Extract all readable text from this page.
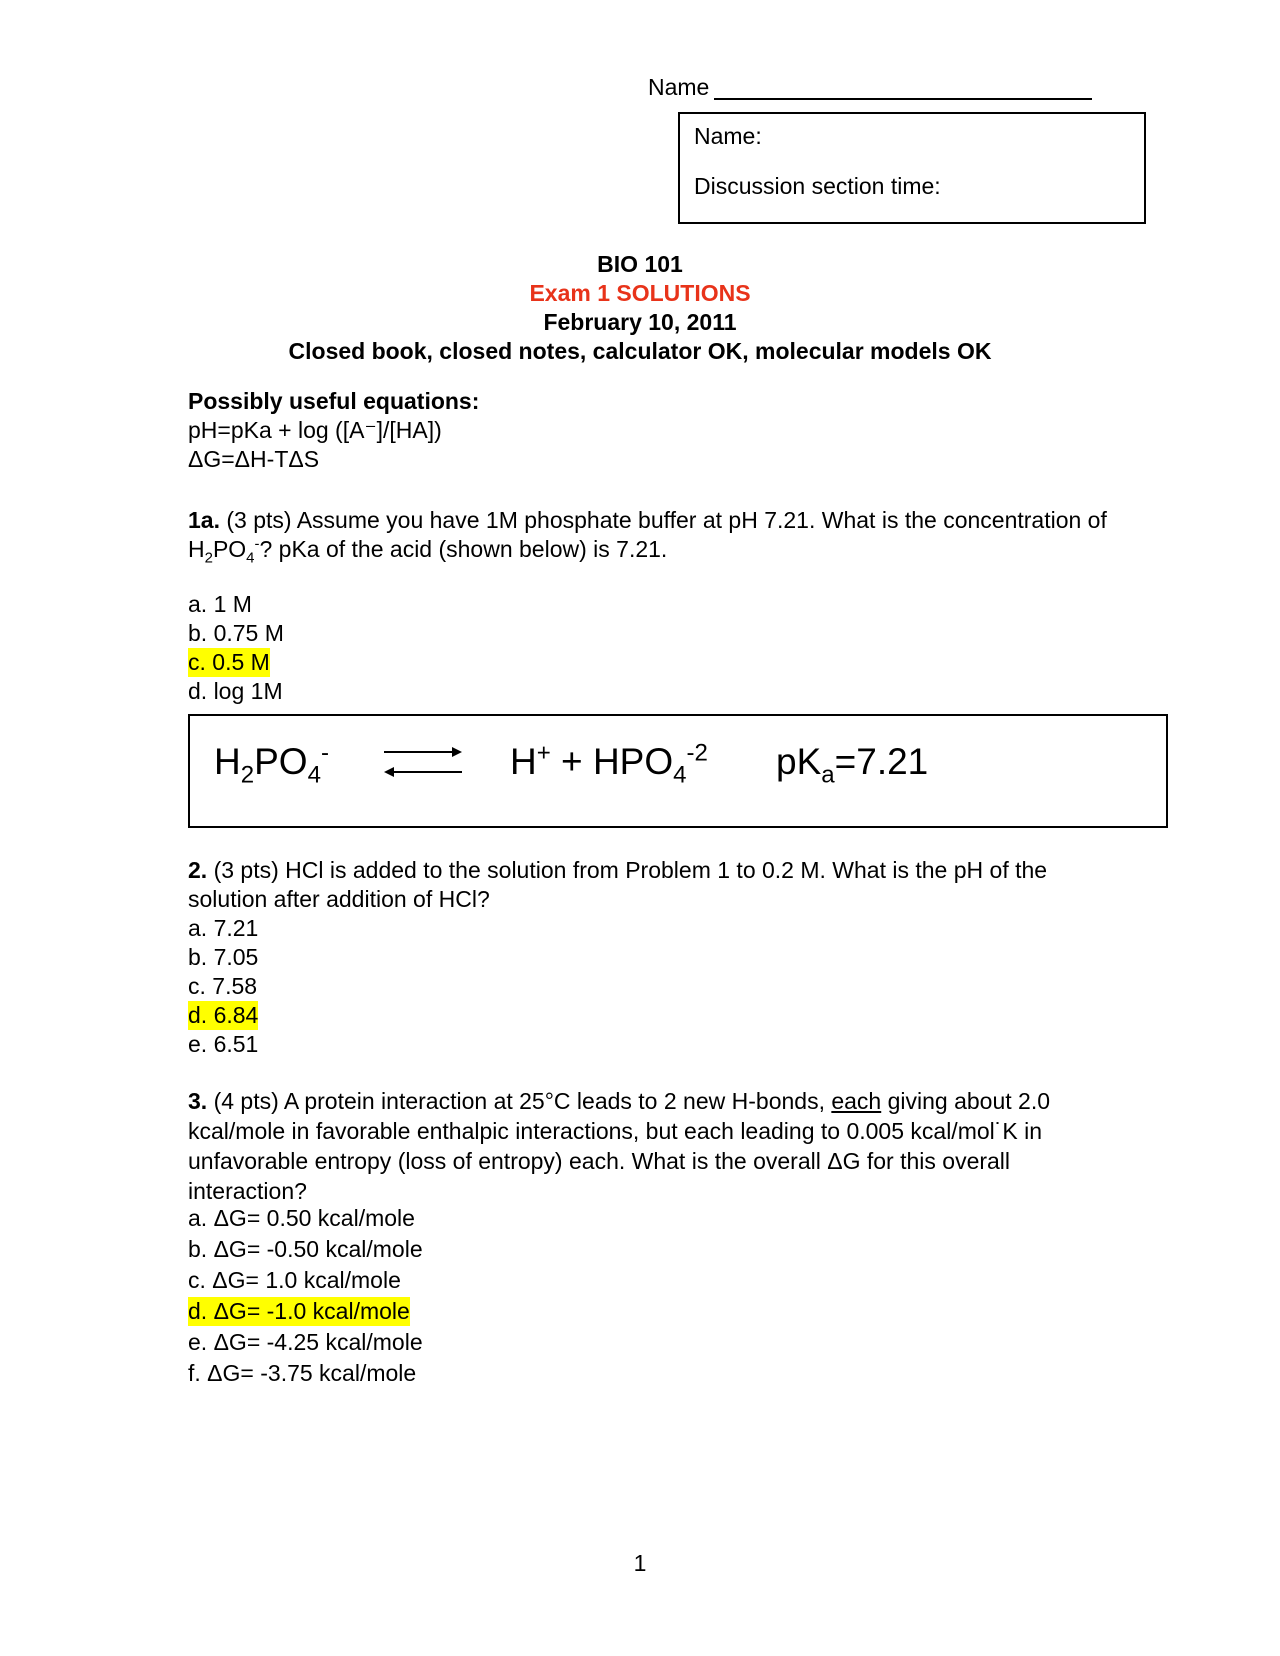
Name
Name:
Discussion section time:
BIO 101
Exam 1 SOLUTIONS
February 10, 2011
Closed book, closed notes, calculator OK, molecular models OK
Possibly useful equations:
pH=pKa + log ([A⁻]/[HA])
ΔG=ΔH-TΔS
1a. (3 pts) Assume you have 1M phosphate buffer at pH 7.21. What is the concentration of $H_2PO_4^-$? pKa of the acid (shown below) is 7.21.
a. 1 M
b. 0.75 M
c. 0.5 M
d. log 1M
$H_2PO_4^-$	$H^+ + HPO_4^{-2}$ $pK_a=7.21$
2. (3 pts) HCl is added to the solution from Problem 1 to 0.2 M. What is the pH of the solution after addition of HCl?
a. 7.21
b. 7.05
c. 7.58
d. 6.84
e. 6.51
3. (4 pts) A protein interaction at 25°C leads to 2 new H-bonds, each giving about 2.0 kcal/mole in favorable enthalpic interactions, but each leading to 0.005 kcal/mol˙K in unfavorable entropy (loss of entropy) each. What is the overall ΔG for this overall interaction?
a. ΔG= 0.50 kcal/mole
b. ΔG= -0.50 kcal/mole
c. ΔG= 1.0 kcal/mole
d. ΔG= -1.0 kcal/mole
e. ΔG= -4.25 kcal/mole
f. ΔG= -3.75 kcal/mole
1
